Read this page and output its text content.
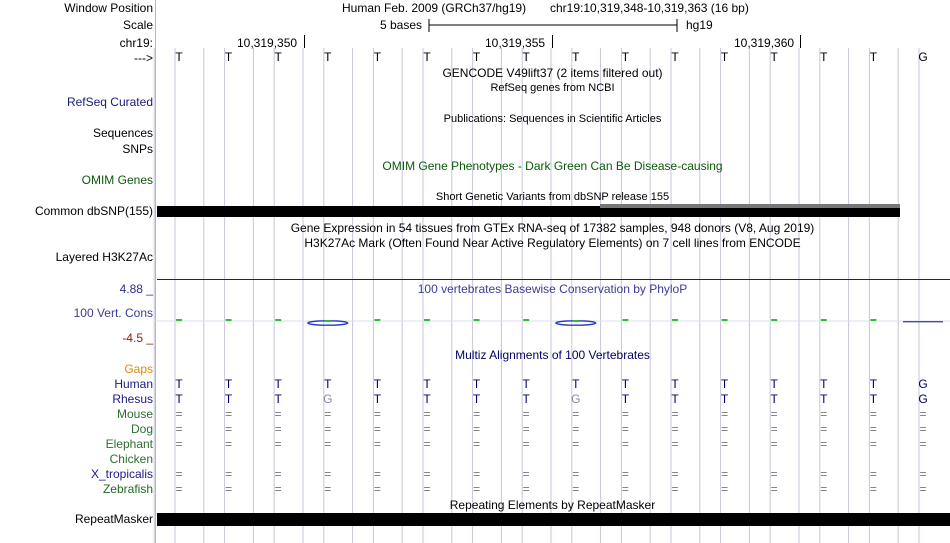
Window Position	Human Feb. 2009 (GRCh37/hg19) chr19:10,319,348-10,319,363 (16 bp)
Scale	5 bases	hg19
chr19:	10,319,350	10,319,355	10,319,360
--->	T	T	T	T	T	T	T	T	T	T	T	T	T	T	T	G
GENCODE V49lift37 (2 items filtered out)
RefSeq genes from NCBI
RefSeq Curated
Publications: Sequences in Scientific Articles
Sequences
SNPs
OMIM Gene Phenotypes - Dark Green Can Be Disease-causing
OMIM Genes
Short Genetic Variants from dbSNP release 155
Common dbSNP(155)
Gene Expression in 54 tissues from GTEx RNA-seq of 17382 samples, 948 donors (V8, Aug 2019)
H3K27Ac Mark (Often Found Near Active Regulatory Elements) on 7 cell lines from ENCODE
Layered H3K27Ac
4.88 _	100 vertebrates Basewise Conservation by PhyloP
100 Vert. Cons
-4.5 _
Multiz Alignments of 100 Vertebrates
Gaps
Human	T	T	T	T	T	T	T	T	T	T	T	T	T	T	T	G
Rhesus	T	T	T	G	T	T	T	T	G	T	T	T	T	T	T	G
Mouse	=	=	=	=	=	=	=	=	=	=	=	=	=	=	=	=
Dog	=	=	=	=	=	=	=	=	=	=	=	=	=	=	=	=
Elephant	=	=	=	=	=	=	=	=	=	=	=	=	=	=	=	=
Chicken
X_tropicalis	=	=	=	=	=	=	=	=	=	=	=	=	=	=	=	=
Zebrafish	=	=	=	=	=	=	=	=	=	=	=	=	=	=	=	=
Repeating Elements by RepeatMasker
RepeatMasker
